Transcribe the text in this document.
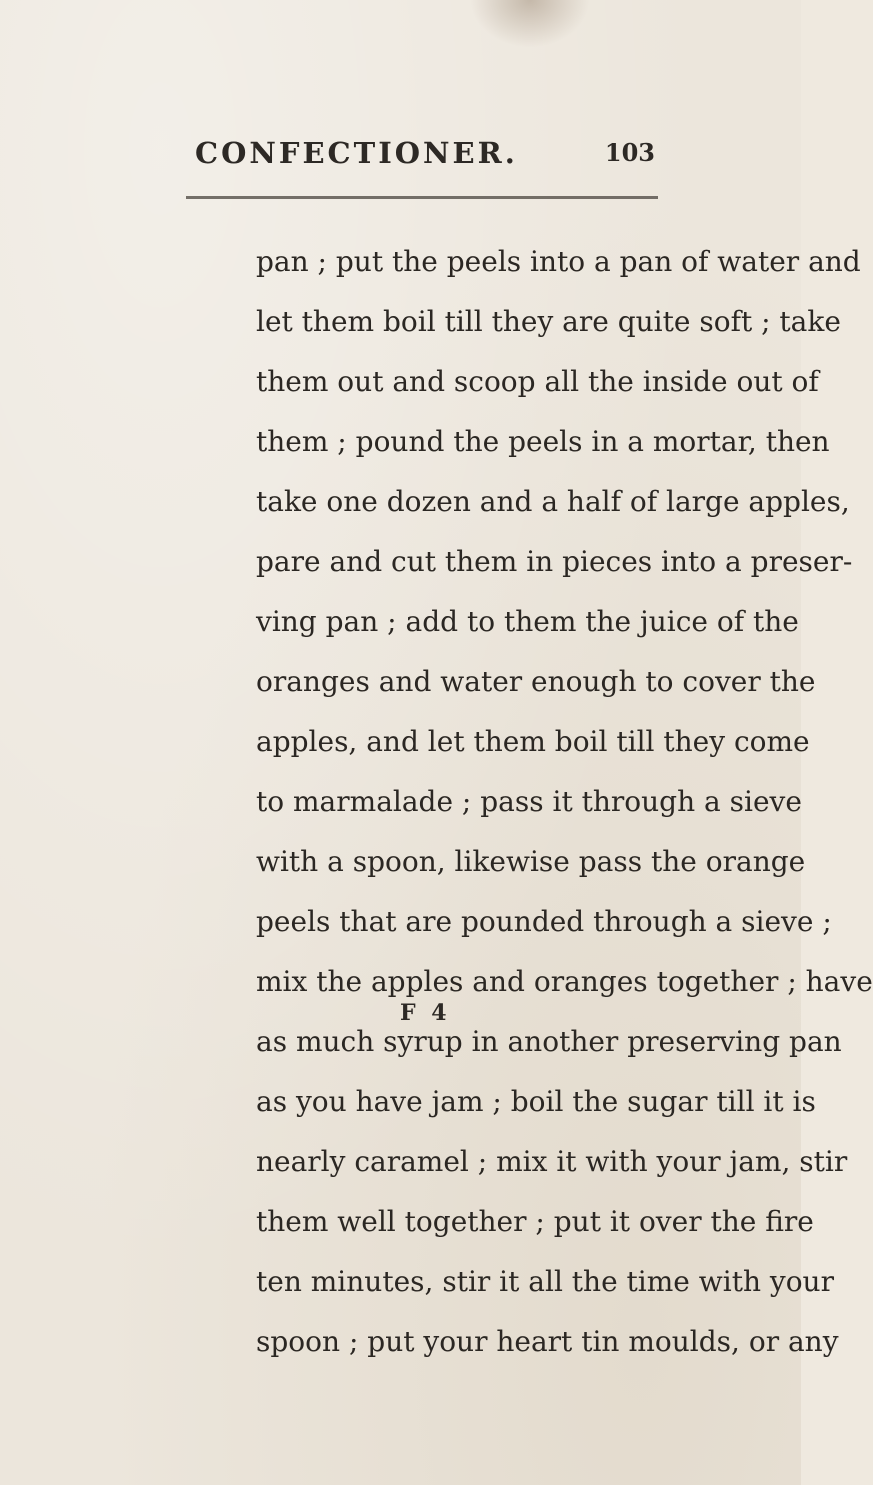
CONFECTIONER.	103
pan ; put the peels into a pan of water and
let them boil till they are quite soft ; take
them out and scoop all the inside out of
them ; pound the peels in a mortar, then
take one dozen and a half of large apples,
pare and cut them in pieces into a preser-
ving pan ; add to them the juice of the
oranges and water enough to cover the
apples, and let them boil till they come
to marmalade ; pass it through a sieve
with a spoon, likewise pass the orange
peels that are pounded through a sieve ;
mix the apples and oranges together ; have
as much syrup in another preserving pan
as you have jam ; boil the sugar till it is
nearly caramel ; mix it with your jam, stir
them well together ; put it over the fire
ten minutes, stir it all the time with your
spoon ; put your heart tin moulds, or any
F 4
